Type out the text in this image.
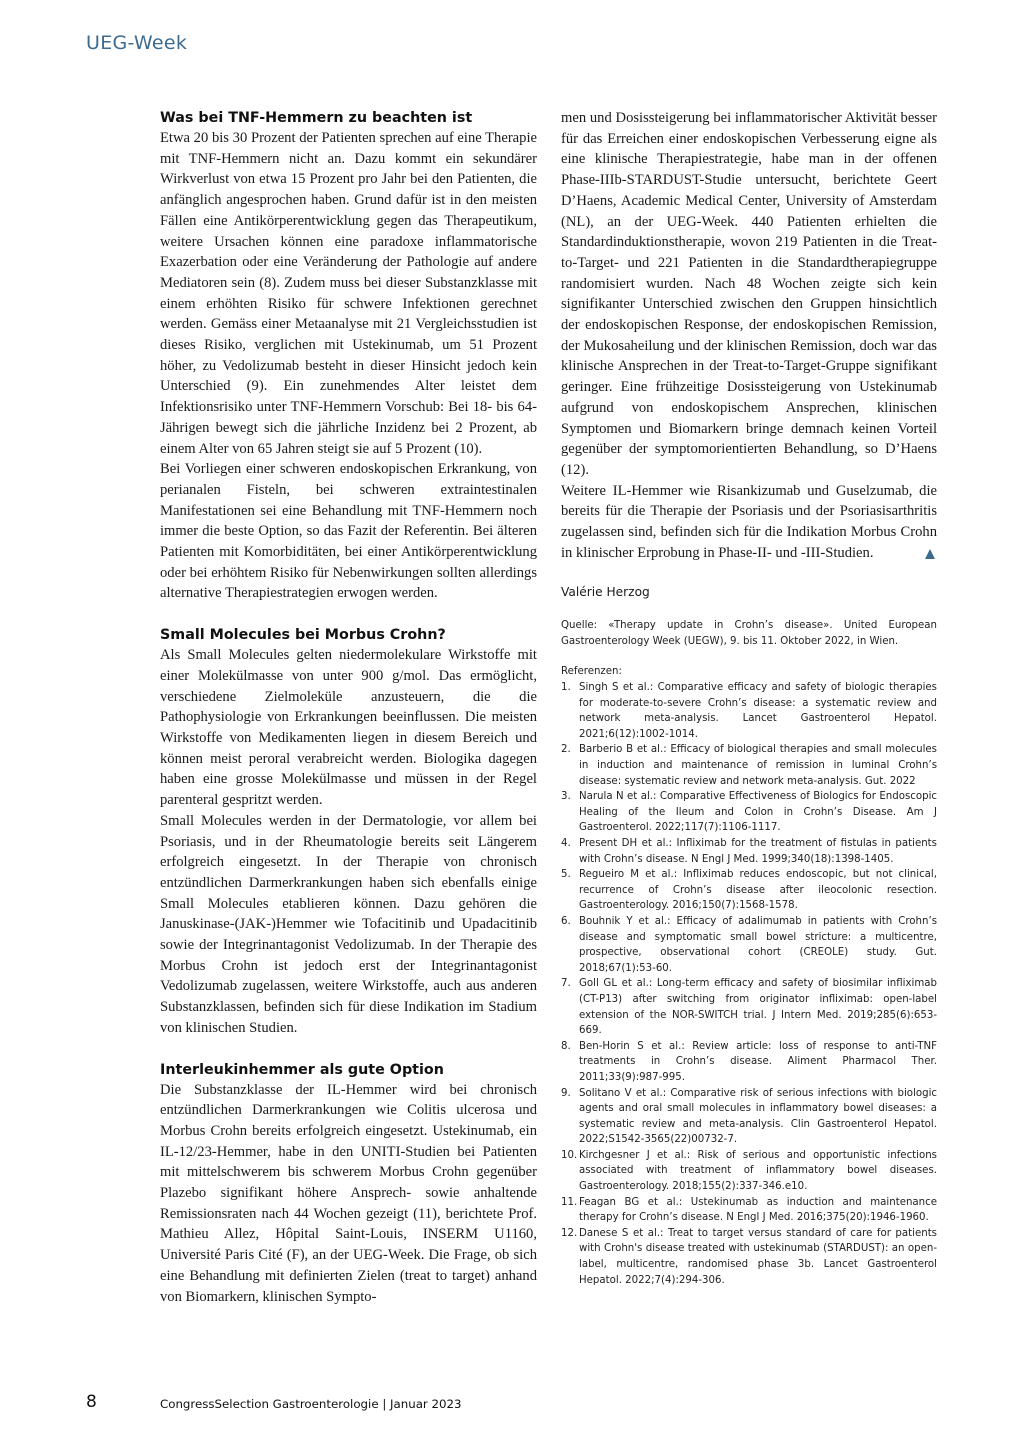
UEG-Week
Was bei TNF-Hemmern zu beachten ist

Etwa 20 bis 30 Prozent der Patienten sprechen auf eine Therapie mit TNF-Hemmern nicht an. Dazu kommt ein sekundärer Wirkverlust von etwa 15 Prozent pro Jahr bei den Patienten, die anfänglich angesprochen haben. Grund dafür ist in den meisten Fällen eine Antikörperentwicklung gegen das Therapeutikum, weitere Ursachen können eine paradoxe inflammatorische Exazerbation oder eine Veränderung der Pathologie auf andere Mediatoren sein (8). Zudem muss bei dieser Substanzklasse mit einem erhöhten Risiko für schwere Infektionen gerechnet werden. Gemäss einer Metaanalyse mit 21 Vergleichsstudien ist dieses Risiko, verglichen mit Ustekinumab, um 51 Prozent höher, zu Vedolizumab besteht in dieser Hinsicht jedoch kein Unterschied (9). Ein zunehmendes Alter leistet dem Infektionsrisiko unter TNF-Hemmern Vorschub: Bei 18- bis 64-Jährigen bewegt sich die jährliche Inzidenz bei 2 Prozent, ab einem Alter von 65 Jahren steigt sie auf 5 Prozent (10).

Bei Vorliegen einer schweren endoskopischen Erkrankung, von perianalen Fisteln, bei schweren extraintestinalen Manifestationen sei eine Behandlung mit TNF-Hemmern noch immer die beste Option, so das Fazit der Referentin. Bei älteren Patienten mit Komorbiditäten, bei einer Antikörperentwicklung oder bei erhöhtem Risiko für Nebenwirkungen sollten allerdings alternative Therapiestrategien erwogen werden.

Small Molecules bei Morbus Crohn?

Als Small Molecules gelten niedermolekulare Wirkstoffe mit einer Molekülmasse von unter 900 g/mol. Das ermöglicht, verschiedene Zielmoleküle anzusteuern, die die Pathophysiologie von Erkrankungen beeinflussen. Die meisten Wirkstoffe von Medikamenten liegen in diesem Bereich und können meist peroral verabreicht werden. Biologika dagegen haben eine grosse Molekülmasse und müssen in der Regel parenteral gespritzt werden.

Small Molecules werden in der Dermatologie, vor allem bei Psoriasis, und in der Rheumatologie bereits seit Längerem erfolgreich eingesetzt. In der Therapie von chronisch entzündlichen Darmerkrankungen haben sich ebenfalls einige Small Molecules etablieren können. Dazu gehören die Januskinase-(JAK-)Hemmer wie Tofacitinib und Upadacitinib sowie der Integrinantagonist Vedolizumab. In der Therapie des Morbus Crohn ist jedoch erst der Integrinantagonist Vedolizumab zugelassen, weitere Wirkstoffe, auch aus anderen Substanzklassen, befinden sich für diese Indikation im Stadium von klinischen Studien.

Interleukinhemmer als gute Option

Die Substanzklasse der IL-Hemmer wird bei chronisch entzündlichen Darmerkrankungen wie Colitis ulcerosa und Morbus Crohn bereits erfolgreich eingesetzt. Ustekinumab, ein IL-12/23-Hemmer, habe in den UNITI-Studien bei Patienten mit mittelschwerem bis schwerem Morbus Crohn gegenüber Plazebo signifikant höhere Ansprech- sowie anhaltende Remissionsraten nach 44 Wochen gezeigt (11), berichtete Prof. Mathieu Allez, Hôpital Saint-Louis, INSERM U1160, Université Paris Cité (F), an der UEG-Week. Die Frage, ob sich eine Behandlung mit definierten Zielen (treat to target) anhand von Biomarkern, klinischen Sympto-

men und Dosissteigerung bei inflammatorischer Aktivität besser für das Erreichen einer endoskopischen Verbesserung eigne als eine klinische Therapiestrategie, habe man in der offenen Phase-IIIb-STARDUST-Studie untersucht, berichtete Geert D’Haens, Academic Medical Center, University of Amsterdam (NL), an der UEG-Week. 440 Patienten erhielten die Standardinduktionstherapie, wovon 219 Patienten in die Treat-to-Target- und 221 Patienten in die Standardtherapiegruppe randomisiert wurden. Nach 48 Wochen zeigte sich kein signifikanter Unterschied zwischen den Gruppen hinsichtlich der endoskopischen Response, der endoskopischen Remission, der Mukosaheilung und der klinischen Remission, doch war das klinische Ansprechen in der Treat-to-Target-Gruppe signifikant geringer. Eine frühzeitige Dosissteigerung von Ustekinumab aufgrund von endoskopischem Ansprechen, klinischen Symptomen und Biomarkern bringe demnach keinen Vorteil gegenüber der symptomorientierten Behandlung, so D’Haens (12).

Weitere IL-Hemmer wie Risankizumab und Guselzumab, die bereits für die Therapie der Psoriasis und der Psoriasisarthritis zugelassen sind, befinden sich für die Indikation Morbus Crohn in klinischer Erprobung in Phase-II- und -III-Studien.

Valérie Herzog

Quelle: «Therapy update in Crohn’s disease». United European Gastroenterology Week (UEGW), 9. bis 11. Oktober 2022, in Wien.

Referenzen:

1. Singh S et al.: Comparative efficacy and safety of biologic therapies for moderate-to-severe Crohn’s disease: a systematic review and network meta-analysis. Lancet Gastroenterol Hepatol. 2021;6(12):1002-1014.
2. Barberio B et al.: Efficacy of biological therapies and small molecules in induction and maintenance of remission in luminal Crohn’s disease: systematic review and network meta-analysis. Gut. 2022
3. Narula N et al.: Comparative Effectiveness of Biologics for Endoscopic Healing of the Ileum and Colon in Crohn’s Disease. Am J Gastroenterol. 2022;117(7):1106-1117.
4. Present DH et al.: Infliximab for the treatment of fistulas in patients with Crohn’s disease. N Engl J Med. 1999;340(18):1398-1405.
5. Regueiro M et al.: Infliximab reduces endoscopic, but not clinical, recurrence of Crohn’s disease after ileocolonic resection. Gastroenterology. 2016;150(7):1568-1578.
6. Bouhnik Y et al.: Efficacy of adalimumab in patients with Crohn’s disease and symptomatic small bowel stricture: a multicentre, prospective, observational cohort (CREOLE) study. Gut. 2018;67(1):53-60.
7. Goll GL et al.: Long-term efficacy and safety of biosimilar infliximab (CT-P13) after switching from originator infliximab: open-label extension of the NOR-SWITCH trial. J Intern Med. 2019;285(6):653-669.
8. Ben-Horin S et al.: Review article: loss of response to anti-TNF treatments in Crohn’s disease. Aliment Pharmacol Ther. 2011;33(9):987-995.
9. Solitano V et al.: Comparative risk of serious infections with biologic agents and oral small molecules in inflammatory bowel diseases: a systematic review and meta-analysis. Clin Gastroenterol Hepatol. 2022;S1542-3565(22)00732-7.
10. Kirchgesner J et al.: Risk of serious and opportunistic infections associated with treatment of inflammatory bowel diseases. Gastroenterology. 2018;155(2):337-346.e10.
11. Feagan BG et al.: Ustekinumab as induction and maintenance therapy for Crohn’s disease. N Engl J Med. 2016;375(20):1946-1960.
12. Danese S et al.: Treat to target versus standard of care for patients with Crohn's disease treated with ustekinumab (STARDUST): an open-label, multicentre, randomised phase 3b. Lancet Gastroenterol Hepatol. 2022;7(4):294-306.
8	CongressSelection Gastroenterologie | Januar 2023
